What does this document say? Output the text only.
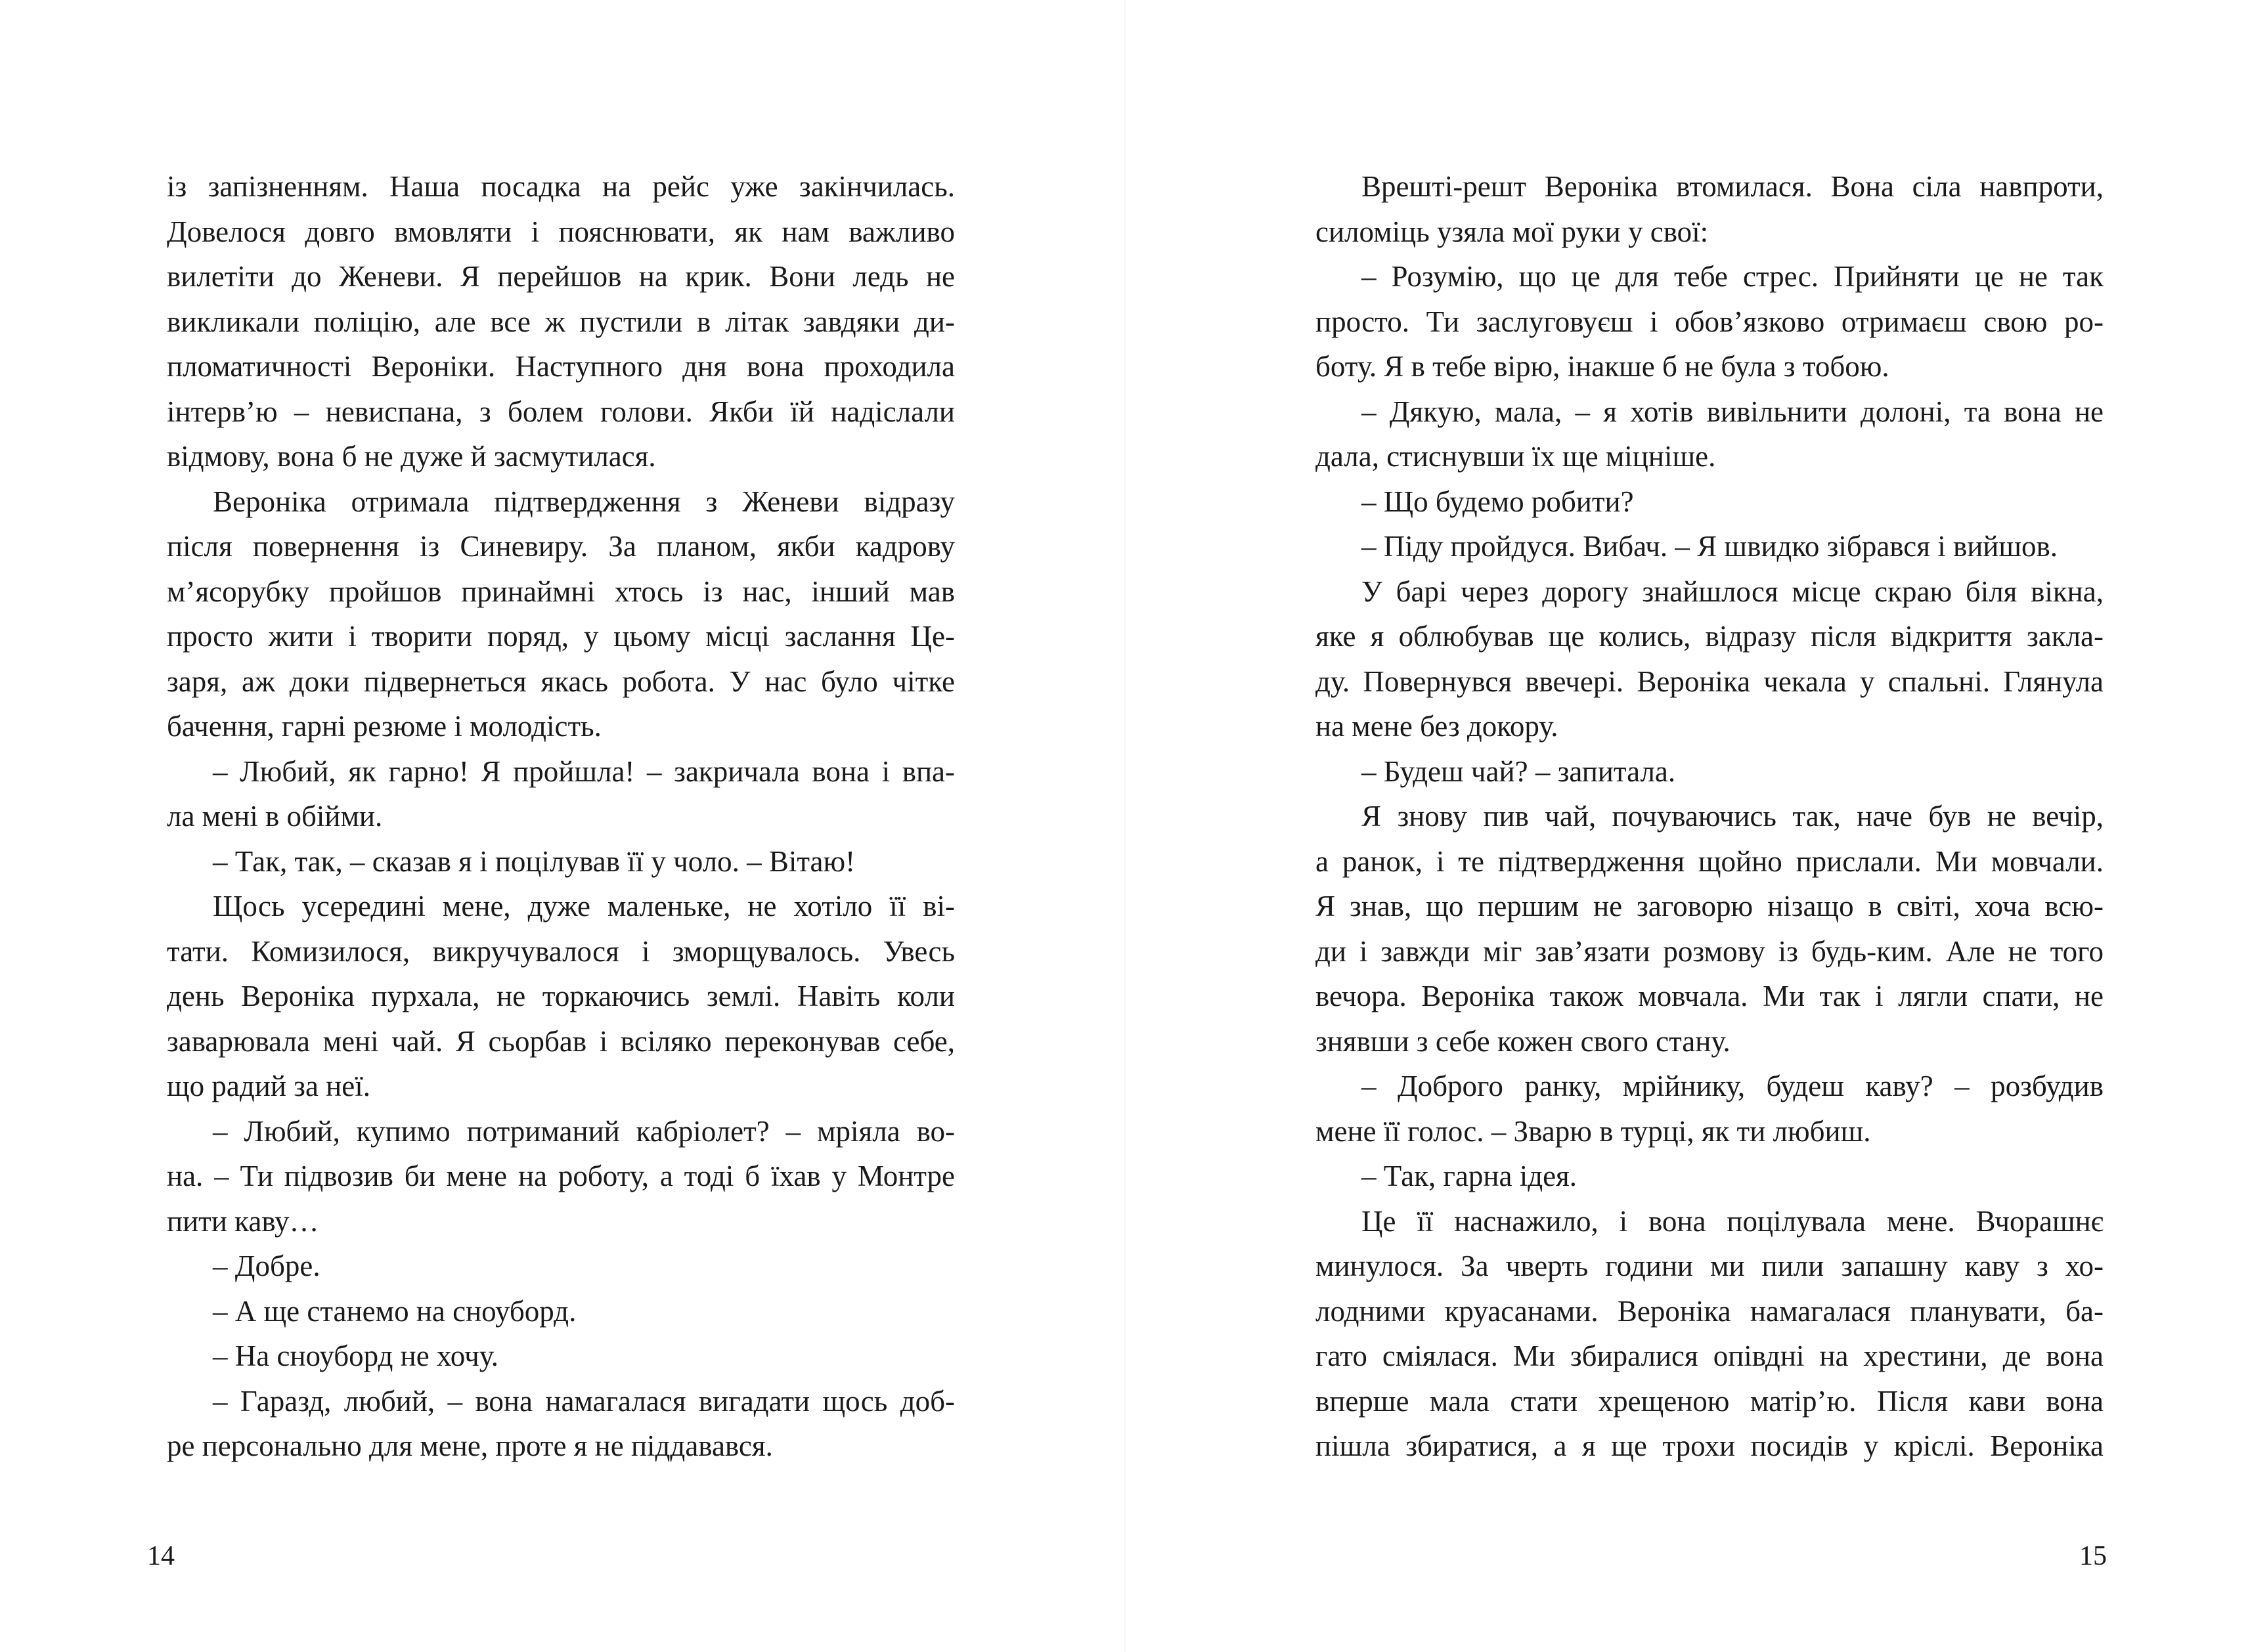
із запізненням. Наша посадка на рейс уже закінчилась.
Довелося довго вмовляти і пояснювати, як нам важливо
вилетіти до Женеви. Я перейшов на крик. Вони ледь не
викликали поліцію, але все ж пустили в літак завдяки ди-
пломатичності Вероніки. Наступного дня вона проходила
інтерв’ю – невиспана, з болем голови. Якби їй надіслали
відмову, вона б не дуже й засмутилася.
Вероніка отримала підтвердження з Женеви відразу
після повернення із Синевиру. За планом, якби кадрову
м’ясорубку пройшов принаймні хтось із нас, інший мав
просто жити і творити поряд, у цьому місці заслання Це-
заря, аж доки підвернеться якась робота. У нас було чітке
бачення, гарні резюме і молодість.
– Любий, як гарно! Я пройшла! – закричала вона і впа-
ла мені в обійми.
– Так, так, – сказав я і поцілував її у чоло. – Вітаю!
Щось усередині мене, дуже маленьке, не хотіло її ві-
тати. Комизилося, викручувалося і зморщувалось. Увесь
день Вероніка пурхала, не торкаючись землі. Навіть коли
заварювала мені чай. Я сьорбав і всіляко переконував себе,
що радий за неї.
– Любий, купимо потриманий кабріолет? – мріяла во-
на. – Ти підвозив би мене на роботу, а тоді б їхав у Монтре
пити каву…
– Добре.
– А ще станемо на сноуборд.
– На сноуборд не хочу.
– Гаразд, любий, – вона намагалася вигадати щось доб-
ре персонально для мене, проте я не піддавався.
14
Врешті-решт Вероніка втомилася. Вона сіла навпроти,
силоміць узяла мої руки у свої:
– Розумію, що це для тебе стрес. Прийняти це не так
просто. Ти заслуговуєш і обов’язково отримаєш свою ро-
боту. Я в тебе вірю, інакше б не була з тобою.
– Дякую, мала, – я хотів вивільнити долоні, та вона не
дала, стиснувши їх ще міцніше.
– Що будемо робити?
– Піду пройдуся. Вибач. – Я швидко зібрався і вийшов.
У барі через дорогу знайшлося місце скраю біля вікна,
яке я облюбував ще колись, відразу після відкриття закла-
ду. Повернувся ввечері. Вероніка чекала у спальні. Глянула
на мене без докору.
– Будеш чай? – запитала.
Я знову пив чай, почуваючись так, наче був не вечір,
а ранок, і те підтвердження щойно прислали. Ми мовчали.
Я знав, що першим не заговорю нізащо в світі, хоча всю-
ди і завжди міг зав’язати розмову із будь-ким. Але не того
вечора. Вероніка також мовчала. Ми так і лягли спати, не
знявши з себе кожен свого стану.
– Доброго ранку, мрійнику, будеш каву? – розбудив
мене її голос. – Зварю в турці, як ти любиш.
– Так, гарна ідея.
Це її наснажило, і вона поцілувала мене. Вчорашнє
минулося. За чверть години ми пили запашну каву з хо-
лодними круасанами. Вероніка намагалася планувати, ба-
гато сміялася. Ми збиралися опівдні на хрестини, де вона
вперше мала стати хрещеною матір’ю. Після кави вона
пішла збиратися, а я ще трохи посидів у кріслі. Вероніка
15
